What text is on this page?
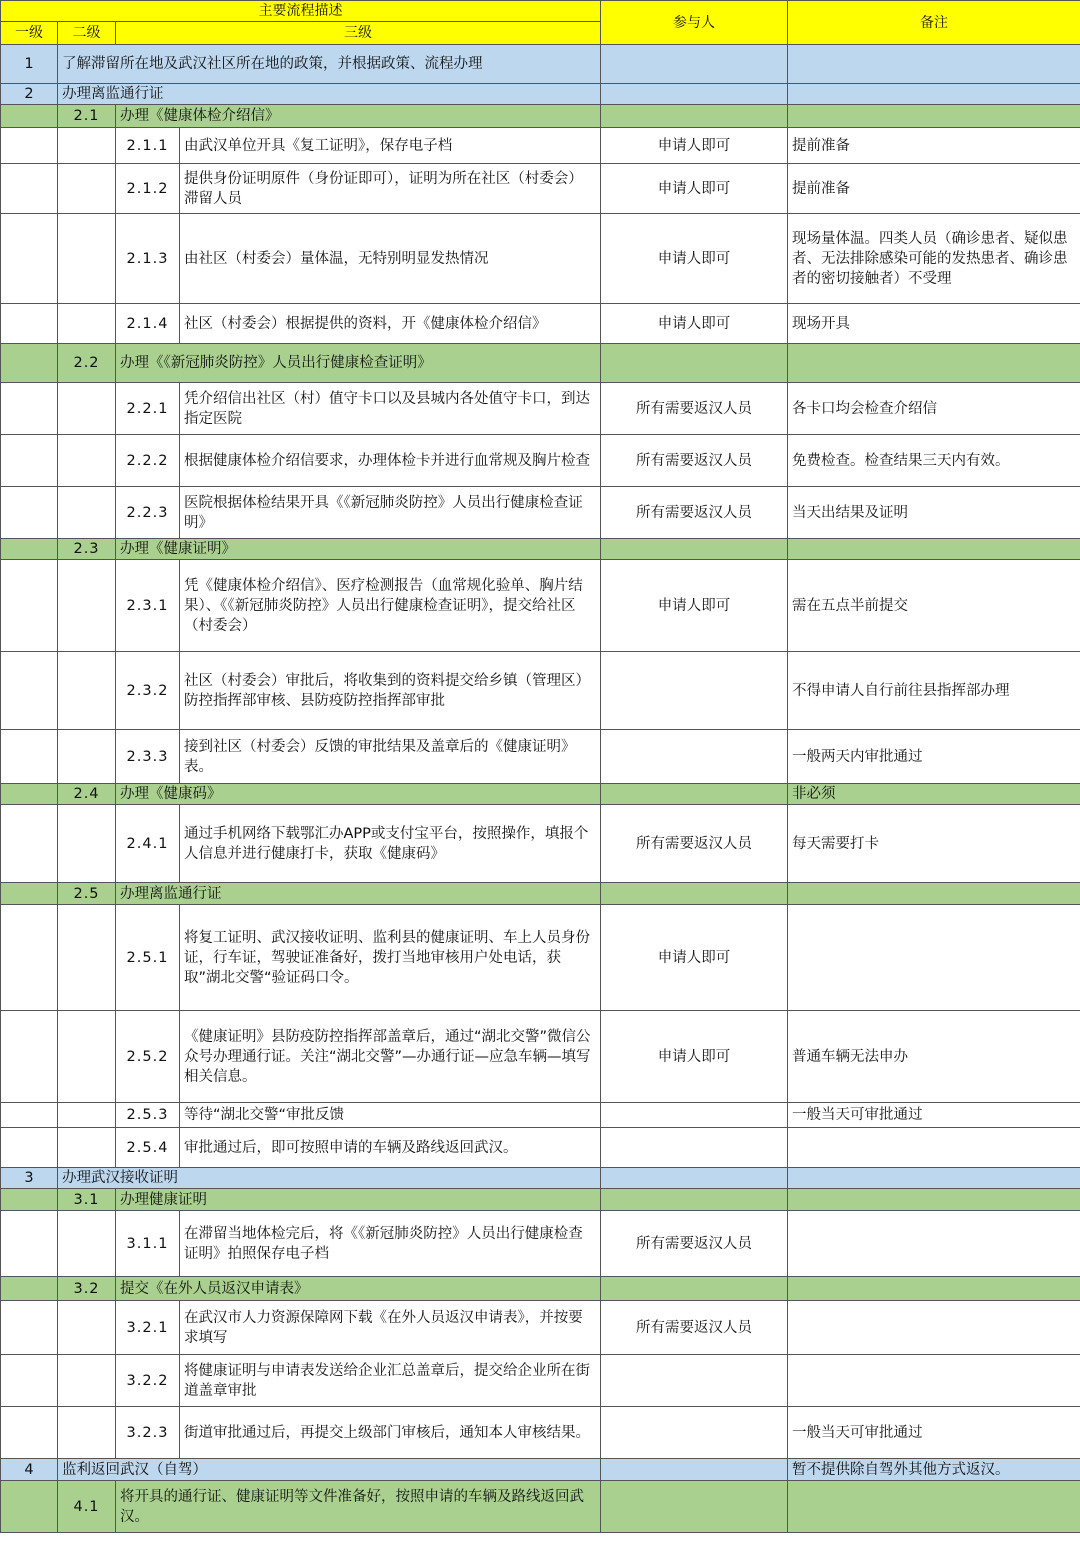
主要流程描述				参与人	备注
一级	二级	三级			
1	了解滞留所在地及武汉社区所在地的政策，并根据政策、流程办理				
2	办理离监通行证				
	2.1	办理《健康体检介绍信》			
		2.1.1	由武汉单位开具《复工证明》，保存电子档	申请人即可	提前准备
		2.1.2	提供身份证明原件（身份证即可），证明为所在社区（村委会）滞留人员	申请人即可	提前准备
		2.1.3	由社区（村委会）量体温，无特别明显发热情况	申请人即可	现场量体温。四类人员（确诊患者、疑似患者、无法排除感染可能的发热患者、确诊患者的密切接触者）不受理
		2.1.4	社区（村委会）根据提供的资料，开《健康体检介绍信》	申请人即可	现场开具
	2.2	办理《《新冠肺炎防控》人员出行健康检查证明》			
		2.2.1	凭介绍信出社区（村）值守卡口以及县城内各处值守卡口，到达指定医院	所有需要返汉人员	各卡口均会检查介绍信
		2.2.2	根据健康体检介绍信要求，办理体检卡并进行血常规及胸片检查	所有需要返汉人员	免费检查。检查结果三天内有效。
		2.2.3	医院根据体检结果开具《《新冠肺炎防控》人员出行健康检查证明》	所有需要返汉人员	当天出结果及证明
	2.3	办理《健康证明》			
		2.3.1	凭《健康体检介绍信》、医疗检测报告（血常规化验单、胸片结果）、《《新冠肺炎防控》人员出行健康检查证明》，提交给社区（村委会）	申请人即可	需在五点半前提交
		2.3.2	社区（村委会）审批后，将收集到的资料提交给乡镇（管理区）防控指挥部审核、县防疫防控指挥部审批		不得申请人自行前往县指挥部办理
		2.3.3	接到社区（村委会）反馈的审批结果及盖章后的《健康证明》表。		一般两天内审批通过
	2.4	办理《健康码》			非必须
		2.4.1	通过手机网络下载鄂汇办APP或支付宝平台，按照操作，填报个人信息并进行健康打卡，获取《健康码》	所有需要返汉人员	每天需要打卡
	2.5	办理离监通行证			
		2.5.1	将复工证明、武汉接收证明、监利县的健康证明、车上人员身份证，行车证，驾驶证准备好，拨打当地审核用户处电话，获取”湖北交警“验证码口令。	申请人即可	
		2.5.2	《健康证明》县防疫防控指挥部盖章后，通过“湖北交警”微信公众号办理通行证。关注“湖北交警”—办通行证—应急车辆—填写相关信息。	申请人即可	普通车辆无法申办
		2.5.3	等待“湖北交警“审批反馈		一般当天可审批通过
		2.5.4	审批通过后，即可按照申请的车辆及路线返回武汉。		
3	办理武汉接收证明				
	3.1	办理健康证明			
		3.1.1	在滞留当地体检完后，将《《新冠肺炎防控》人员出行健康检查证明》拍照保存电子档	所有需要返汉人员	
	3.2	提交《在外人员返汉申请表》			
		3.2.1	在武汉市人力资源保障网下载《在外人员返汉申请表》，并按要求填写	所有需要返汉人员	
		3.2.2	将健康证明与申请表发送给企业汇总盖章后，提交给企业所在街道盖章审批		
		3.2.3	街道审批通过后，再提交上级部门审核后，通知本人审核结果。		一般当天可审批通过
4	监利返回武汉（自驾）				暂不提供除自驾外其他方式返汉。
	4.1	将开具的通行证、健康证明等文件准备好，按照申请的车辆及路线返回武汉。			
